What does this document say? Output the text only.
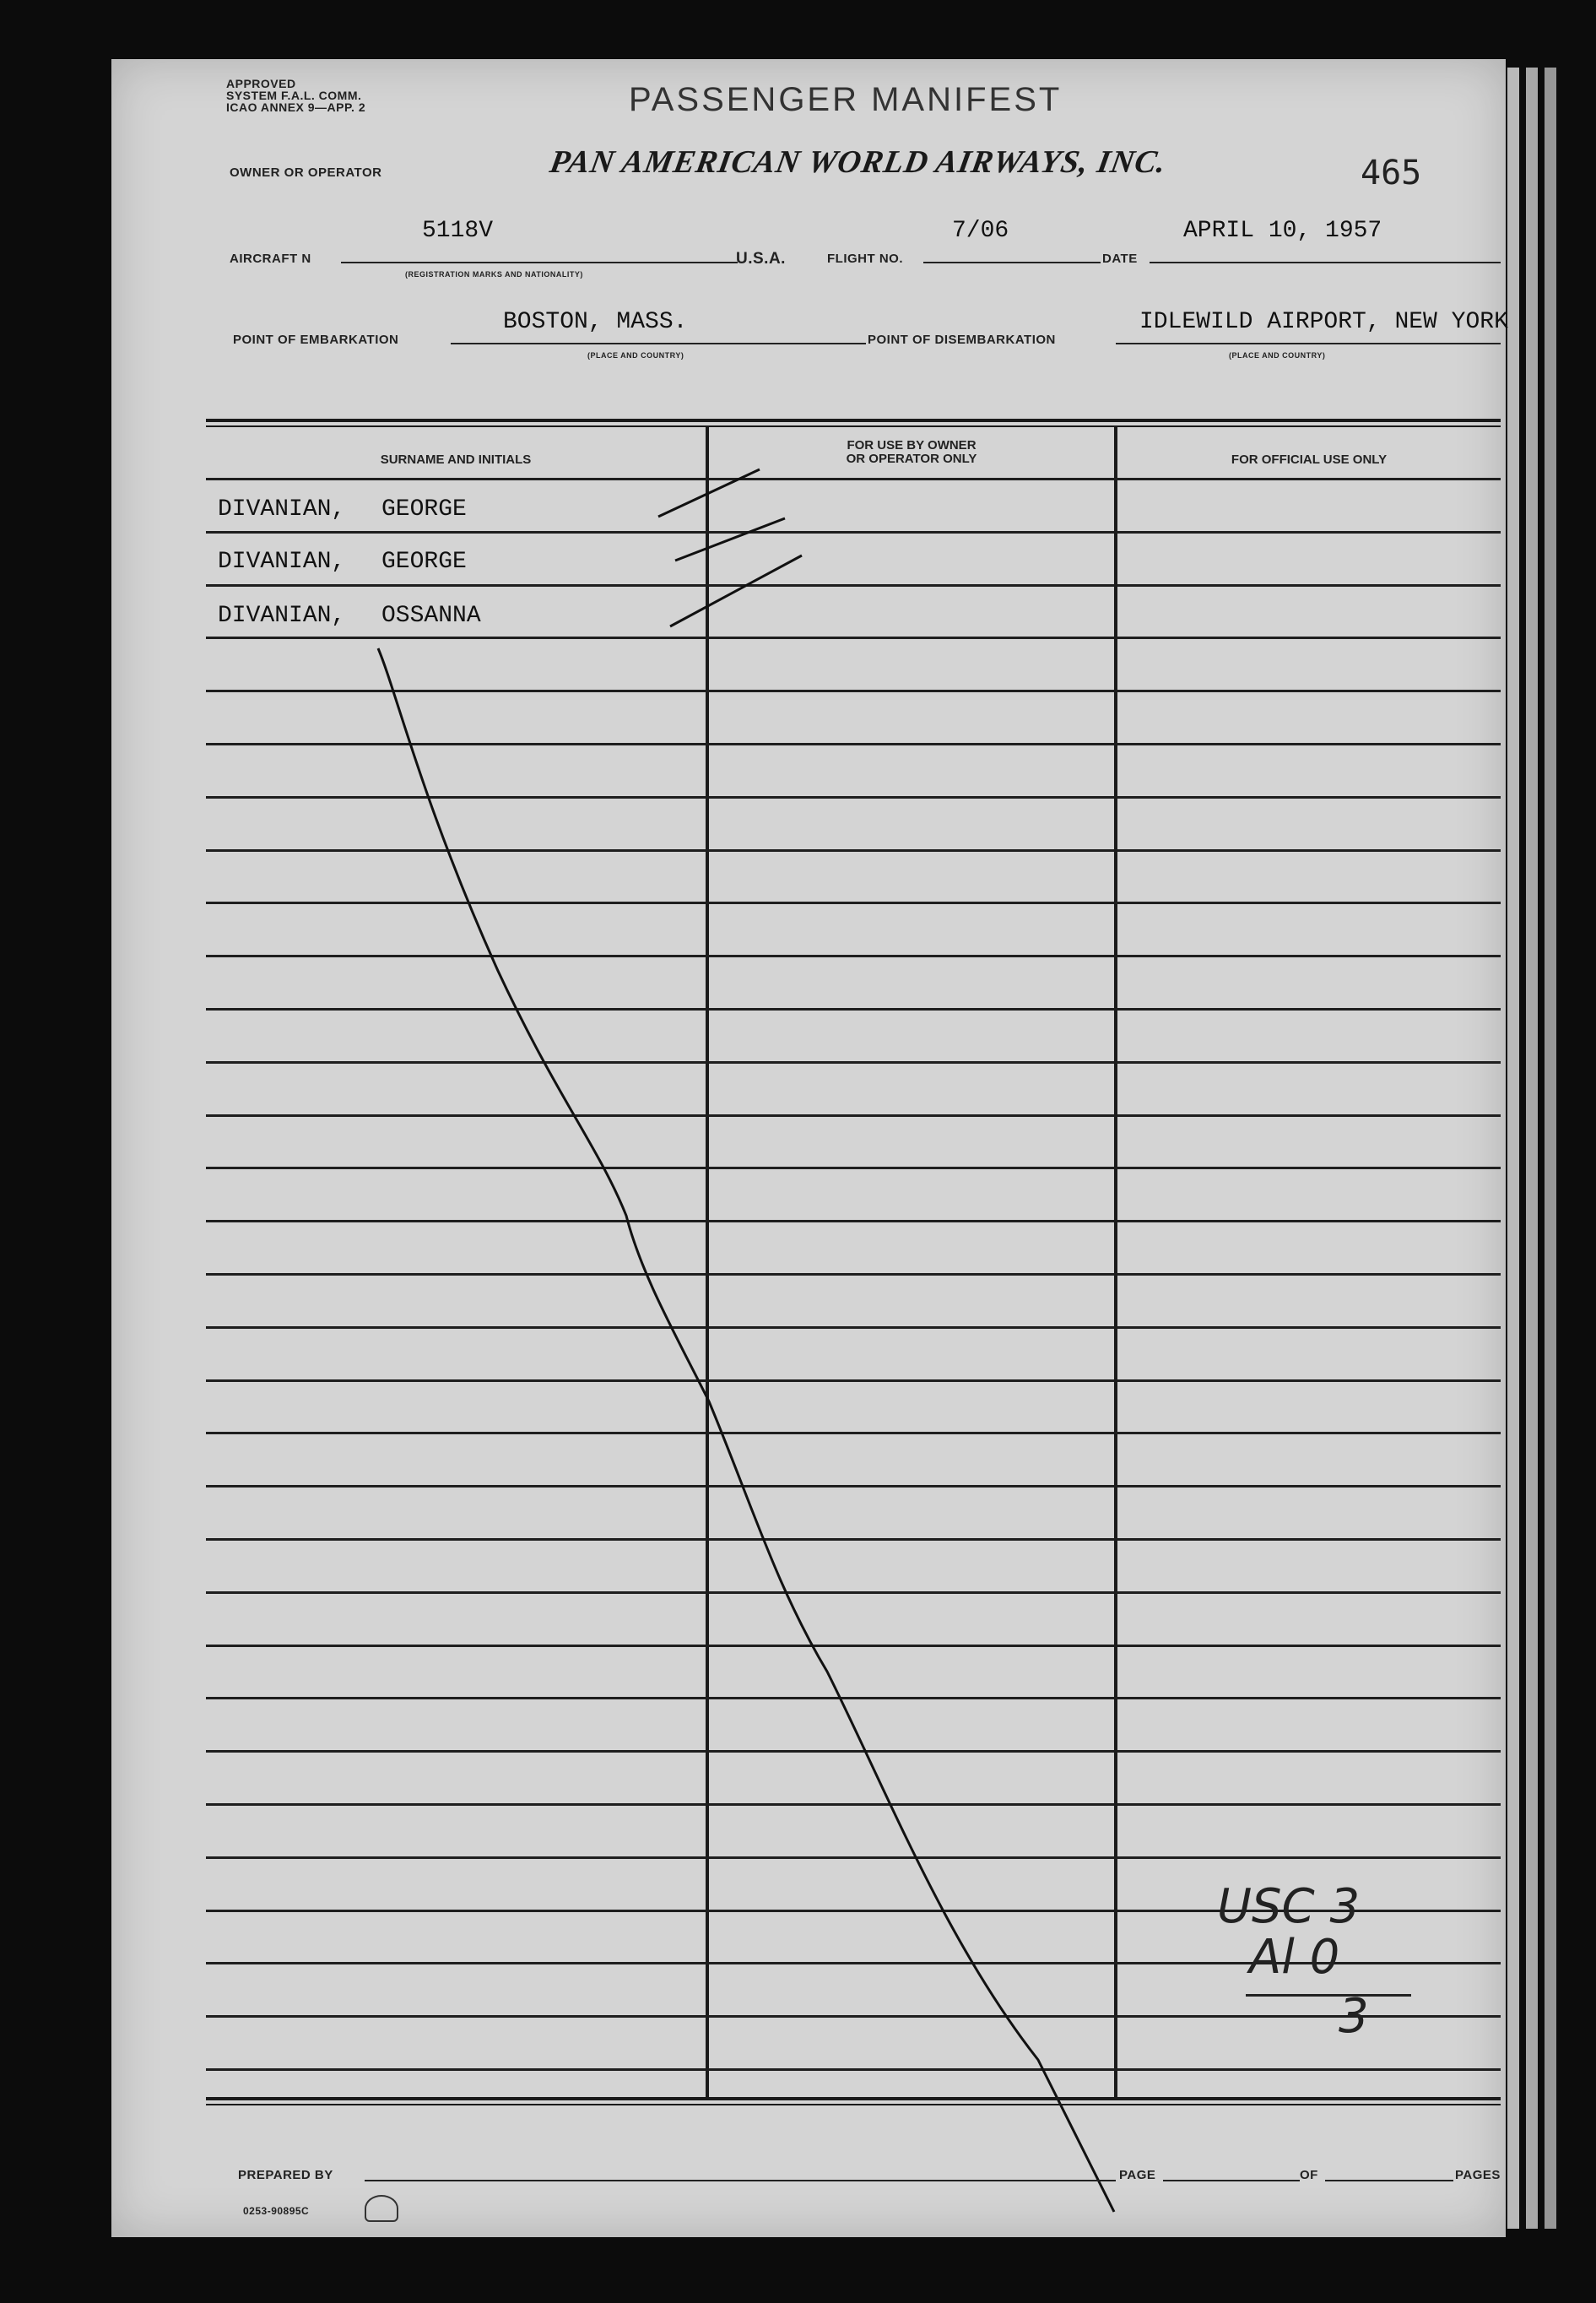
APPROVED
SYSTEM F.A.L. COMM.
ICAO ANNEX 9—APP. 2	PASSENGER MANIFEST
OWNER OR OPERATOR	PAN AMERICAN WORLD AIRWAYS, INC.	465
AIRCRAFT N
5118V
(REGISTRATION MARKS AND NATIONALITY)
U.S.A.	FLIGHT NO.
7/06
DATE
APRIL 10, 1957
POINT OF EMBARKATION
BOSTON, MASS.
(PLACE AND COUNTRY)
POINT OF DISEMBARKATION
IDLEWILD AIRPORT, NEW YORK
(PLACE AND COUNTRY)
SURNAME AND INITIALS
FOR USE BY OWNER
OR OPERATOR ONLY	FOR OFFICIAL USE ONLY
DIVANIAN, GEORGE
DIVANIAN, GEORGE
DIVANIAN, OSSANNA
USC 3
Al 0
3
PREPARED BY	PAGE	OF	PAGES
0253-90895C
